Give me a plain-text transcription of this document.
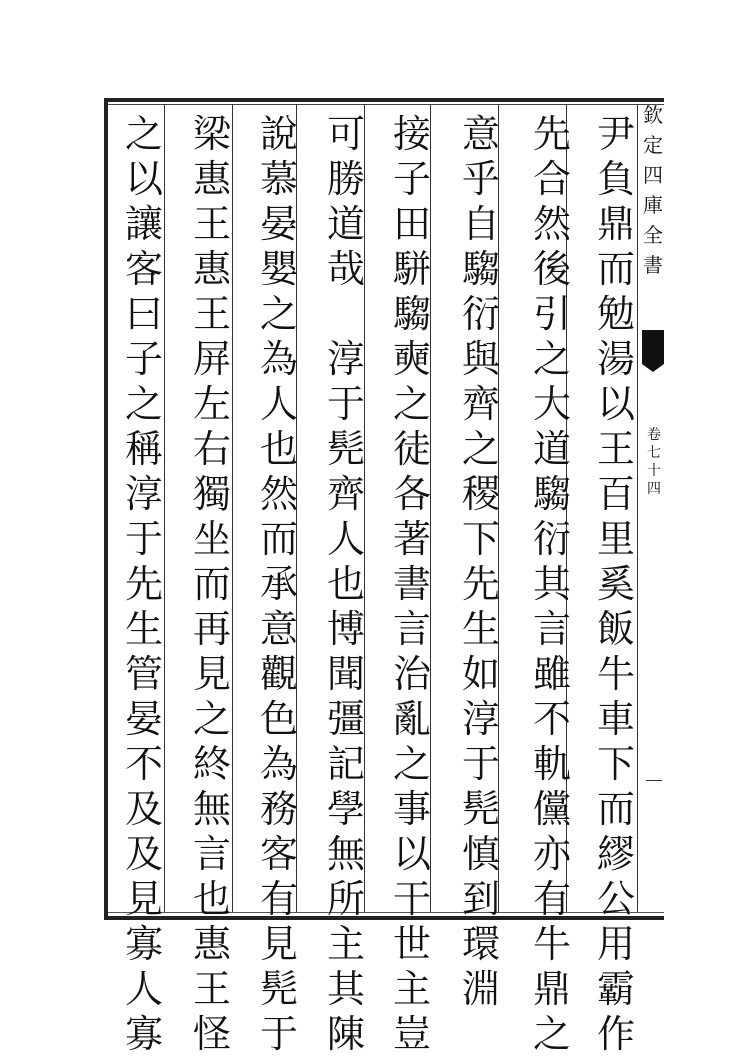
尹
負
鼎
而
勉
湯
以
王
百
里
奚
飯
牛
車
下
而
繆
公
用
霸
作
先
合
然
後
引
之
大
道
騶
衍
其
言
雖
不
軌
儻
亦
有
牛
鼎
之
意
乎
自
騶
衍
與
齊
之
稷
下
先
生
如
淳
于
髡
慎
到
環
淵
接
子
田
駢
騶
奭
之
徒
各
著
書
言
治
亂
之
事
以
干
世
主
豈
可
勝
道
哉

淳
于
髡
齊
人
也
博
聞
彊
記
學
無
所
主
其
陳
說
慕
晏
嬰
之
為
人
也
然
而
承
意
觀
色
為
務
客
有
見
髡
于
梁
惠
王
惠
王
屏
左
右
獨
坐
而
再
見
之
終
無
言
也
惠
王
怪
之
以
讓
客
曰
子
之
稱
淳
于
先
生
管
晏
不
及
及
見
寡
人
寡
欽
定
四
庫
全
書
卷
七
十
四
